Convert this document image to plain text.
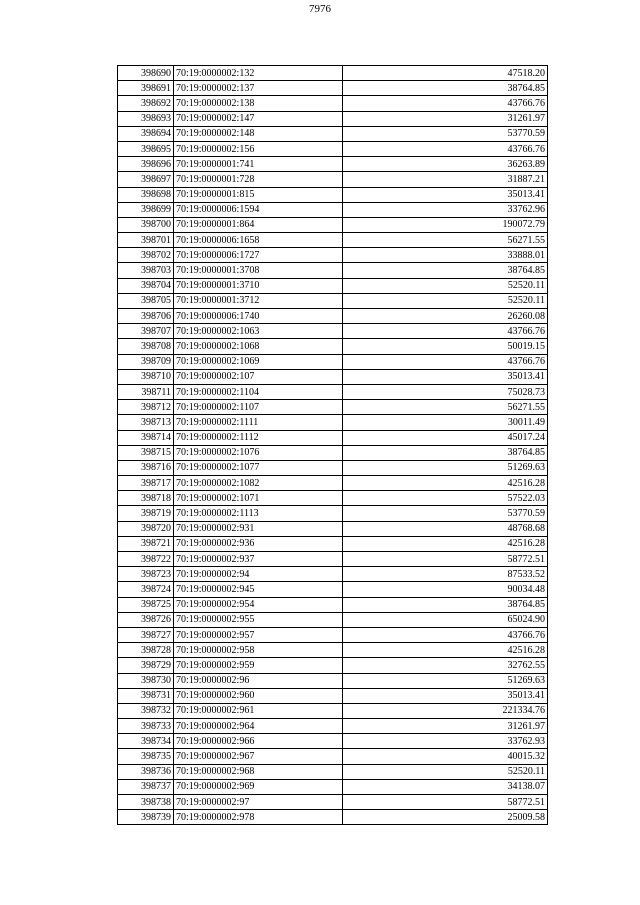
7976
398690	70:19:0000002:132	47518.20
398691	70:19:0000002:137	38764.85
398692	70:19:0000002:138	43766.76
398693	70:19:0000002:147	31261.97
398694	70:19:0000002:148	53770.59
398695	70:19:0000002:156	43766.76
398696	70:19:0000001:741	36263.89
398697	70:19:0000001:728	31887.21
398698	70:19:0000001:815	35013.41
398699	70:19:0000006:1594	33762.96
398700	70:19:0000001:864	190072.79
398701	70:19:0000006:1658	56271.55
398702	70:19:0000006:1727	33888.01
398703	70:19:0000001:3708	38764.85
398704	70:19:0000001:3710	52520.11
398705	70:19:0000001:3712	52520.11
398706	70:19:0000006:1740	26260.08
398707	70:19:0000002:1063	43766.76
398708	70:19:0000002:1068	50019.15
398709	70:19:0000002:1069	43766.76
398710	70:19:0000002:107	35013.41
398711	70:19:0000002:1104	75028.73
398712	70:19:0000002:1107	56271.55
398713	70:19:0000002:1111	30011.49
398714	70:19:0000002:1112	45017.24
398715	70:19:0000002:1076	38764.85
398716	70:19:0000002:1077	51269.63
398717	70:19:0000002:1082	42516.28
398718	70:19:0000002:1071	57522.03
398719	70:19:0000002:1113	53770.59
398720	70:19:0000002:931	48768.68
398721	70:19:0000002:936	42516.28
398722	70:19:0000002:937	58772.51
398723	70:19:0000002:94	87533.52
398724	70:19:0000002:945	90034.48
398725	70:19:0000002:954	38764.85
398726	70:19:0000002:955	65024.90
398727	70:19:0000002:957	43766.76
398728	70:19:0000002:958	42516.28
398729	70:19:0000002:959	32762.55
398730	70:19:0000002:96	51269.63
398731	70:19:0000002:960	35013.41
398732	70:19:0000002:961	221334.76
398733	70:19:0000002:964	31261.97
398734	70:19:0000002:966	33762.93
398735	70:19:0000002:967	40015.32
398736	70:19:0000002:968	52520.11
398737	70:19:0000002:969	34138.07
398738	70:19:0000002:97	58772.51
398739	70:19:0000002:978	25009.58
